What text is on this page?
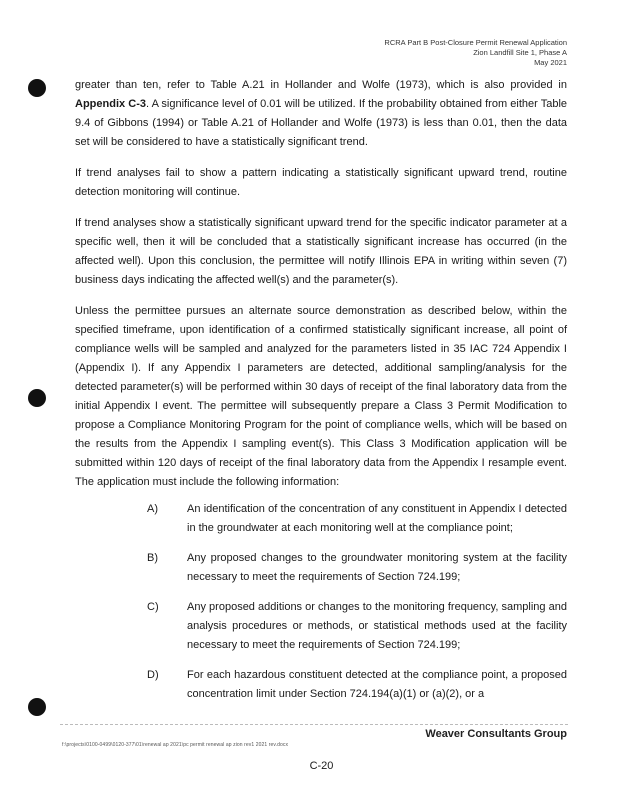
RCRA Part B Post-Closure Permit Renewal Application
Zion Landfill Site 1, Phase A
May 2021

greater than ten, refer to Table A.21 in Hollander and Wolfe (1973), which is also provided in Appendix C-3. A significance level of 0.01 will be utilized. If the probability obtained from either Table 9.4 of Gibbons (1994) or Table A.21 of Hollander and Wolfe (1973) is less than 0.01, then the data set will be considered to have a statistically significant trend.

If trend analyses fail to show a pattern indicating a statistically significant upward trend, routine detection monitoring will continue.

If trend analyses show a statistically significant upward trend for the specific indicator parameter at a specific well, then it will be concluded that a statistically significant increase has occurred (in the affected well). Upon this conclusion, the permittee will notify Illinois EPA in writing within seven (7) business days indicating the affected well(s) and the parameter(s).

Unless the permittee pursues an alternate source demonstration as described below, within the specified timeframe, upon identification of a confirmed statistically significant increase, all point of compliance wells will be sampled and analyzed for the parameters listed in 35 IAC 724 Appendix I (Appendix I). If any Appendix I parameters are detected, additional sampling/analysis for the detected parameter(s) will be performed within 30 days of receipt of the final laboratory data from the initial Appendix I event. The permittee will subsequently prepare a Class 3 Permit Modification to propose a Compliance Monitoring Program for the point of compliance wells, which will be based on the results from the Appendix I sampling event(s). This Class 3 Modification application will be submitted within 120 days of receipt of the final laboratory data from the Appendix I resample event. The application must include the following information:

A)	An identification of the concentration of any constituent in Appendix I detected in the groundwater at each monitoring well at the compliance point;
B)	Any proposed changes to the groundwater monitoring system at the facility necessary to meet the requirements of Section 724.199;
C)	Any proposed additions or changes to the monitoring frequency, sampling and analysis procedures or methods, or statistical methods used at the facility necessary to meet the requirements of Section 724.199;
D)	For each hazardous constituent detected at the compliance point, a proposed concentration limit under Section 724.194(a)(1) or (a)(2), or a
Weaver Consultants Group
f:\projects\0100-0499\0120-377\01\renewal ap 2021\pc permit renewal ap zion rev1 2021 rev.docx
C-20
